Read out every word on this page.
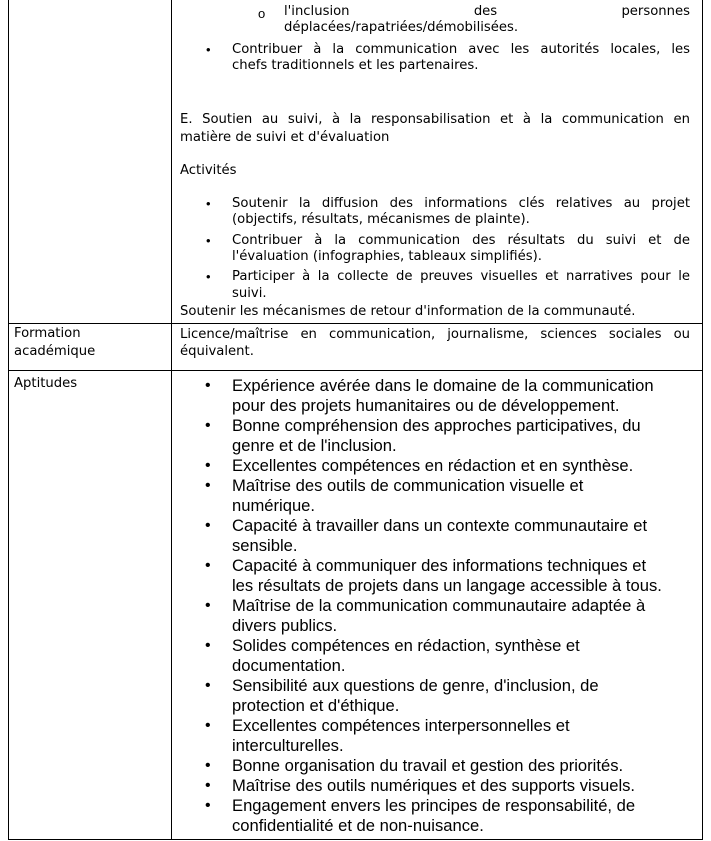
o l'inclusion des personnes
déplacées/rapatriées/démobilisées.
• Contribuer à la communication avec les autorités locales, les
chefs traditionnels et les partenaires.
E. Soutien au suivi, à la responsabilisation et à la communication en
matière de suivi et d'évaluation
Activités
• Soutenir la diffusion des informations clés relatives au projet
(objectifs, résultats, mécanismes de plainte).
• Contribuer à la communication des résultats du suivi et de
l'évaluation (infographies, tableaux simplifiés).
• Participer à la collecte de preuves visuelles et narratives pour le
suivi.
Soutenir les mécanismes de retour d'information de la communauté.
Formation
académique
Licence/maîtrise en communication, journalisme, sciences sociales ou
équivalent.
Aptitudes	• Expérience avérée dans le domaine de la communication
pour des projets humanitaires ou de développement.
• Bonne compréhension des approches participatives, du
genre et de l'inclusion.
• Excellentes compétences en rédaction et en synthèse.
• Maîtrise des outils de communication visuelle et
numérique.
• Capacité à travailler dans un contexte communautaire et
sensible.
• Capacité à communiquer des informations techniques et
les résultats de projets dans un langage accessible à tous.
• Maîtrise de la communication communautaire adaptée à
divers publics.
• Solides compétences en rédaction, synthèse et
documentation.
• Sensibilité aux questions de genre, d'inclusion, de
protection et d'éthique.
• Excellentes compétences interpersonnelles et
interculturelles.
• Bonne organisation du travail et gestion des priorités.
• Maîtrise des outils numériques et des supports visuels.
• Engagement envers les principes de responsabilité, de
confidentialité et de non-nuisance.
